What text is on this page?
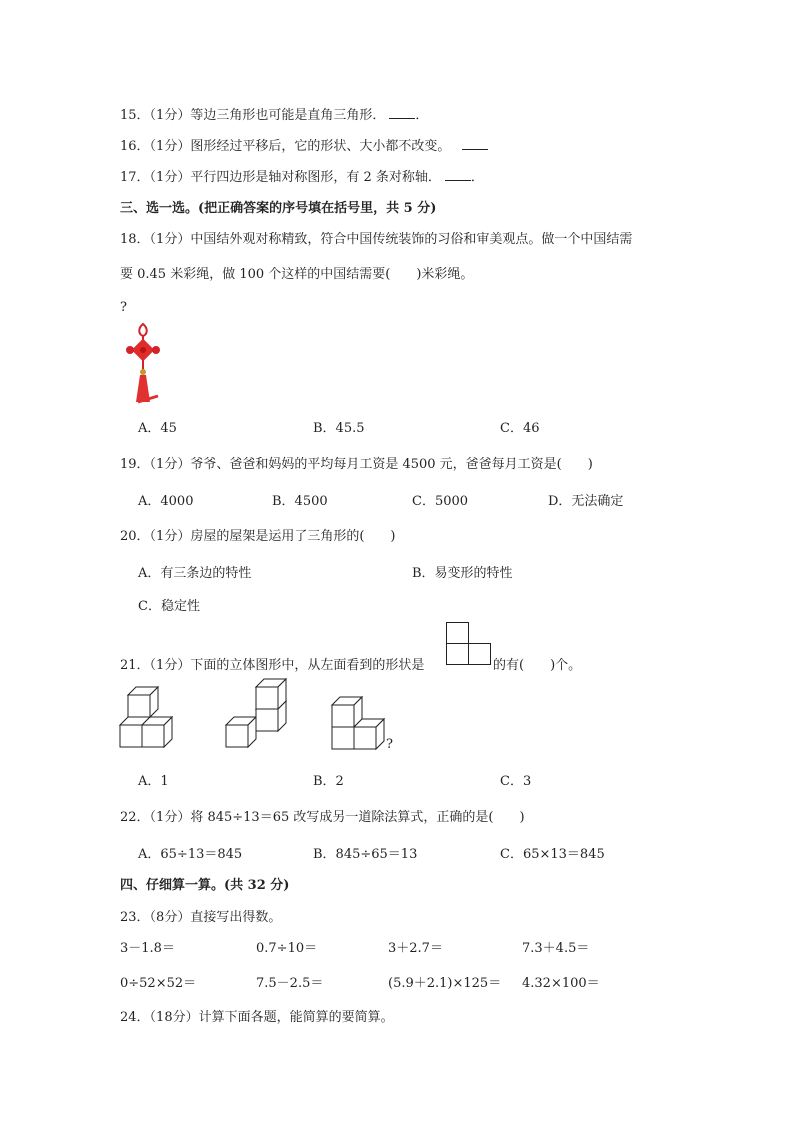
15．（1分）等边三角形也可能是直角三角形． ．
16．（1分）图形经过平移后，它的形状、大小都不改变。
17．（1分）平行四边形是轴对称图形，有 2 条对称轴． ．
三、选一选。(把正确答案的序号填在括号里，共 5 分)
18．（1分）中国结外观对称精致，符合中国传统装饰的习俗和审美观点。做一个中国结需
要 0.45 米彩绳，做 100 个这样的中国结需要(　　)米彩绳。
?
A．45	B．45.5	C．46
19．（1分）爷爷、爸爸和妈妈的平均每月工资是 4500 元，爸爸每月工资是(　　)
A．4000	B．4500	C．5000	D．无法确定
20．（1分）房屋的屋架是运用了三角形的(　　)
A．有三条边的特性	B．易变形的特性
C．稳定性
21．（1分）下面的立体图形中，从左面看到的形状是	的有(　　)个。
?
A．1	B．2	C．3
22．（1分）将 845÷13＝65 改写成另一道除法算式，正确的是(　　)
A．65÷13＝845	B．845÷65＝13	C．65×13＝845
四、仔细算一算。(共 32 分)
23．（8分）直接写出得数。
3－1.8＝	0.7÷10＝	3＋2.7＝	7.3＋4.5＝
0÷52×52＝	7.5－2.5＝	(5.9＋2.1)×125＝ 4.32×100＝
24．（18分）计算下面各题，能简算的要简算。
